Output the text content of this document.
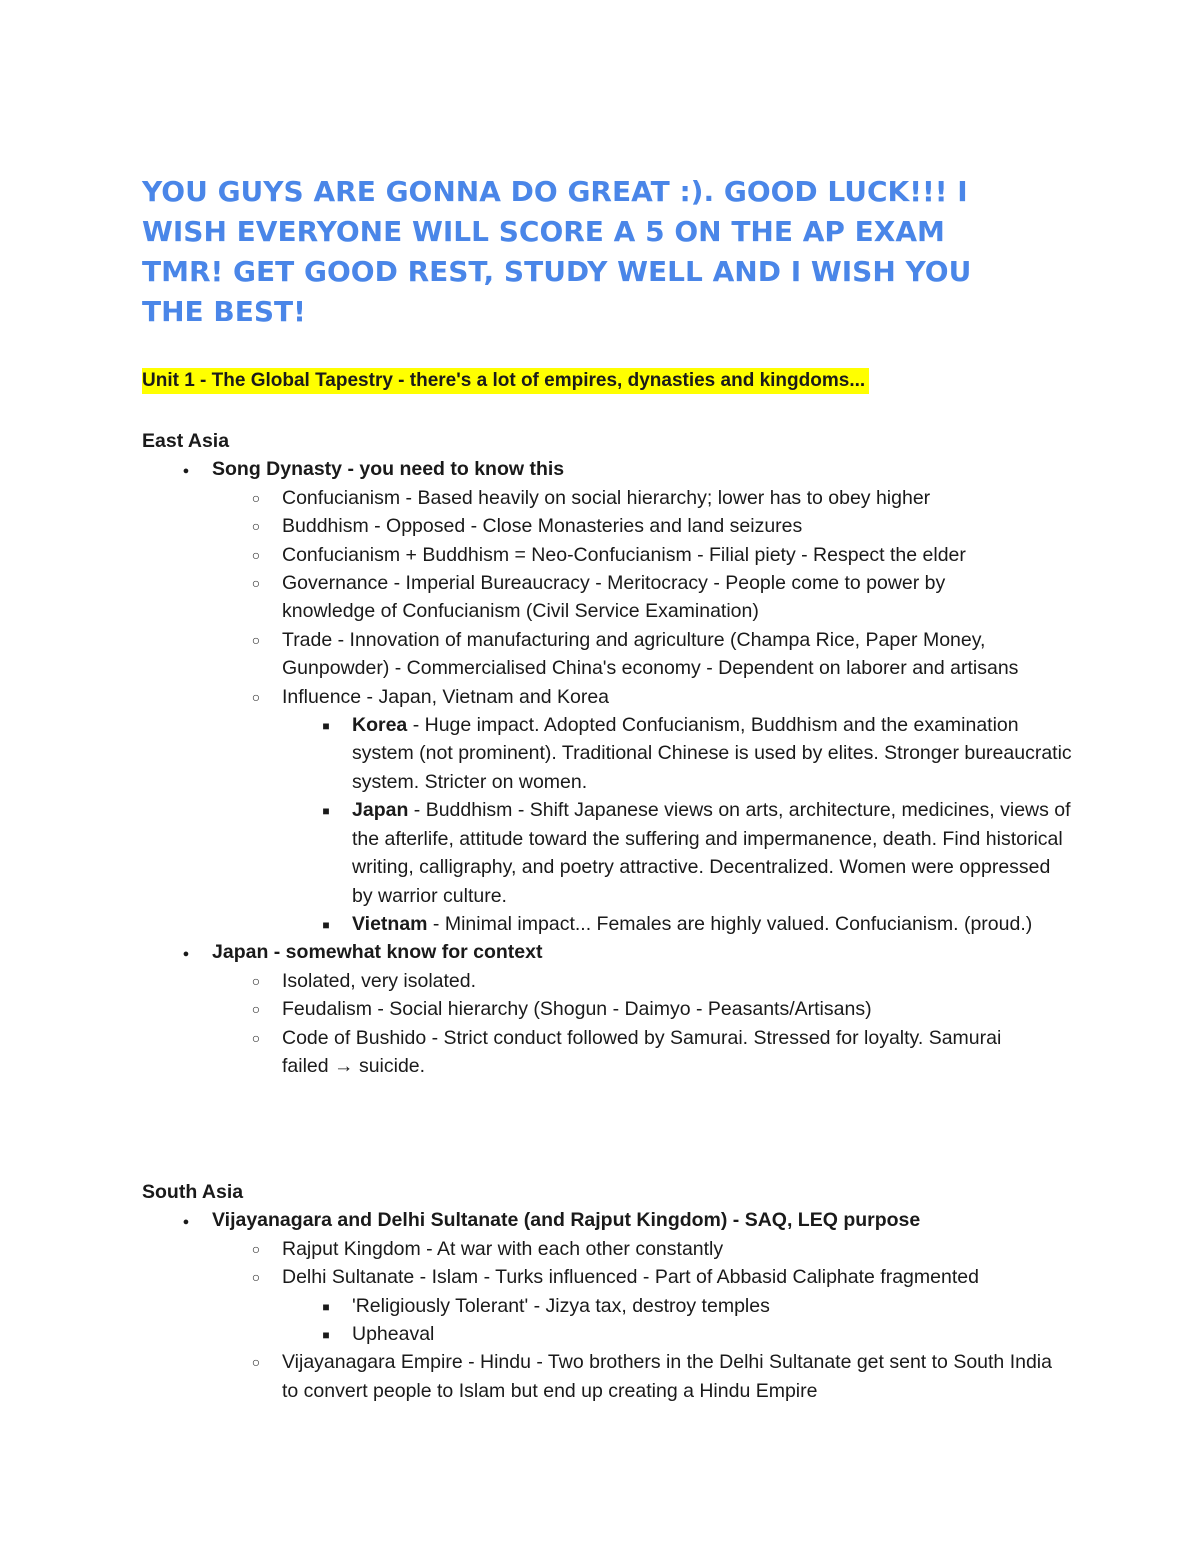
YOU GUYS ARE GONNA DO GREAT :). GOOD LUCK!!! I
WISH EVERYONE WILL SCORE A 5 ON THE AP EXAM
TMR! GET GOOD REST, STUDY WELL AND I WISH YOU
THE BEST!
Unit 1 - The Global Tapestry - there's a lot of empires, dynasties and kingdoms...

East Asia

●
Song Dynasty - you need to know this
○
Confucianism - Based heavily on social hierarchy; lower has to obey higher
○
Buddhism - Opposed - Close Monasteries and land seizures
○
Confucianism + Buddhism = Neo-Confucianism - Filial piety - Respect the elder
○
Governance - Imperial Bureaucracy - Meritocracy - People come to power by knowledge of Confucianism (Civil Service Examination)
○
Trade - Innovation of manufacturing and agriculture (Champa Rice, Paper Money, Gunpowder) - Commercialised China's economy - Dependent on laborer and artisans
○
Influence - Japan, Vietnam and Korea
■
Korea - Huge impact. Adopted Confucianism, Buddhism and the examination system (not prominent). Traditional Chinese is used by elites. Stronger bureaucratic system. Stricter on women.
■
Japan - Buddhism - Shift Japanese views on arts, architecture, medicines, views of the afterlife, attitude toward the suffering and impermanence, death. Find historical writing, calligraphy, and poetry attractive. Decentralized. Women were oppressed by warrior culture.
■
Vietnam - Minimal impact... Females are highly valued. Confucianism. (proud.)
●
Japan - somewhat know for context
○
Isolated, very isolated.
○
Feudalism - Social hierarchy (Shogun - Daimyo - Peasants/Artisans)
○
Code of Bushido - Strict conduct followed by Samurai. Stressed for loyalty. Samurai failed → suicide.

South Asia

●
Vijayanagara and Delhi Sultanate (and Rajput Kingdom) - SAQ, LEQ purpose
○
Rajput Kingdom - At war with each other constantly
○
Delhi Sultanate - Islam - Turks influenced - Part of Abbasid Caliphate fragmented
■
'Religiously Tolerant' - Jizya tax, destroy temples
■
Upheaval
○
Vijayanagara Empire - Hindu - Two brothers in the Delhi Sultanate get sent to South India to convert people to Islam but end up creating a Hindu Empire
